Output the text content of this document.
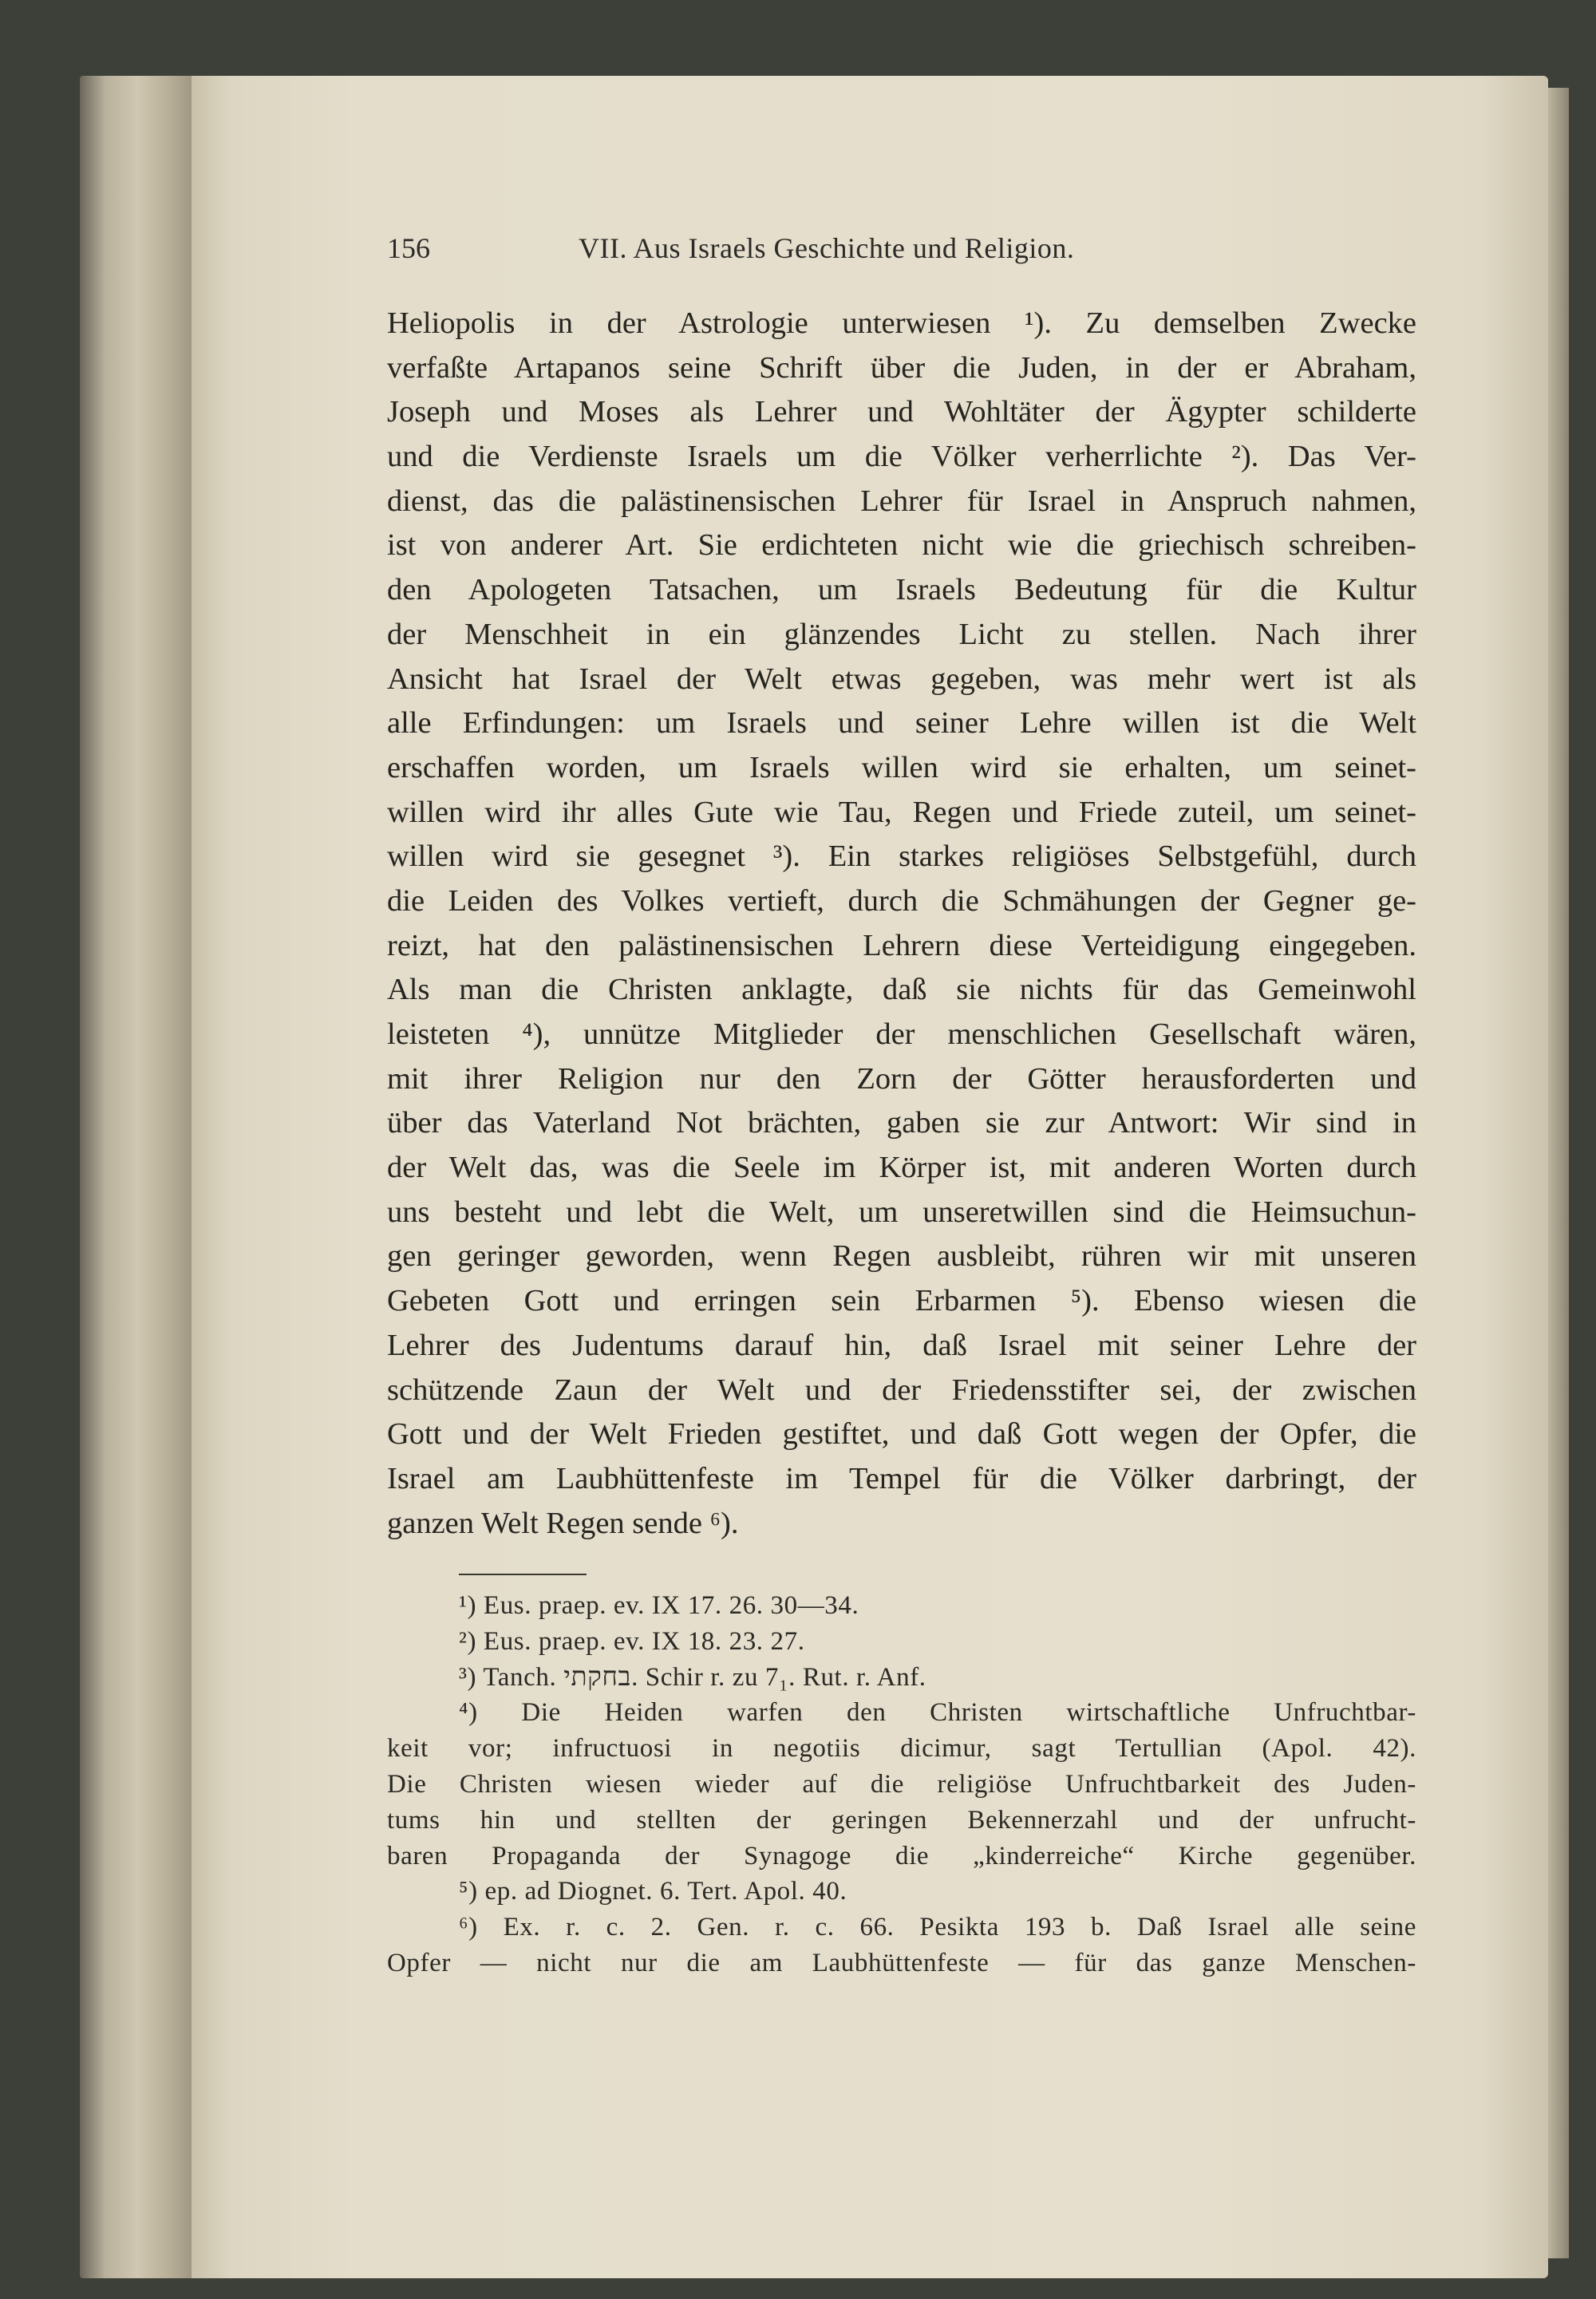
156	VII. Aus Israels Geschichte und Religion.
Heliopolis in der Astrologie unterwiesen ¹). Zu demselben Zwecke
verfaßte Artapanos seine Schrift über die Juden, in der er Abraham,
Joseph und Moses als Lehrer und Wohltäter der Ägypter schilderte
und die Verdienste Israels um die Völker verherrlichte ²). Das Ver-
dienst, das die palästinensischen Lehrer für Israel in Anspruch nahmen,
ist von anderer Art. Sie erdichteten nicht wie die griechisch schreiben-
den Apologeten Tatsachen, um Israels Bedeutung für die Kultur
der Menschheit in ein glänzendes Licht zu stellen. Nach ihrer
Ansicht hat Israel der Welt etwas gegeben, was mehr wert ist als
alle Erfindungen: um Israels und seiner Lehre willen ist die Welt
erschaffen worden, um Israels willen wird sie erhalten, um seinet-
willen wird ihr alles Gute wie Tau, Regen und Friede zuteil, um seinet-
willen wird sie gesegnet ³). Ein starkes religiöses Selbstgefühl, durch
die Leiden des Volkes vertieft, durch die Schmähungen der Gegner ge-
reizt, hat den palästinensischen Lehrern diese Verteidigung eingegeben.
Als man die Christen anklagte, daß sie nichts für das Gemeinwohl
leisteten ⁴), unnütze Mitglieder der menschlichen Gesellschaft wären,
mit ihrer Religion nur den Zorn der Götter herausforderten und
über das Vaterland Not brächten, gaben sie zur Antwort: Wir sind in
der Welt das, was die Seele im Körper ist, mit anderen Worten durch
uns besteht und lebt die Welt, um unseretwillen sind die Heimsuchun-
gen geringer geworden, wenn Regen ausbleibt, rühren wir mit unseren
Gebeten Gott und erringen sein Erbarmen ⁵). Ebenso wiesen die
Lehrer des Judentums darauf hin, daß Israel mit seiner Lehre der
schützende Zaun der Welt und der Friedensstifter sei, der zwischen
Gott und der Welt Frieden gestiftet, und daß Gott wegen der Opfer, die
Israel am Laubhüttenfeste im Tempel für die Völker darbringt, der
ganzen Welt Regen sende ⁶).
¹) Eus. praep. ev. IX 17. 26. 30—34.
²) Eus. praep. ev. IX 18. 23. 27.
³) Tanch. בחקתי. Schir r. zu 7₁. Rut. r. Anf.
⁴) Die Heiden warfen den Christen wirtschaftliche Unfruchtbar-
keit vor; infructuosi in negotiis dicimur, sagt Tertullian (Apol. 42).
Die Christen wiesen wieder auf die religiöse Unfruchtbarkeit des Juden-
tums hin und stellten der geringen Bekennerzahl und der unfrucht-
baren Propaganda der Synagoge die „kinderreiche“ Kirche gegenüber.
⁵) ep. ad Diognet. 6. Tert. Apol. 40.
⁶) Ex. r. c. 2. Gen. r. c. 66. Pesikta 193 b. Daß Israel alle seine
Opfer — nicht nur die am Laubhüttenfeste — für das ganze Menschen-
